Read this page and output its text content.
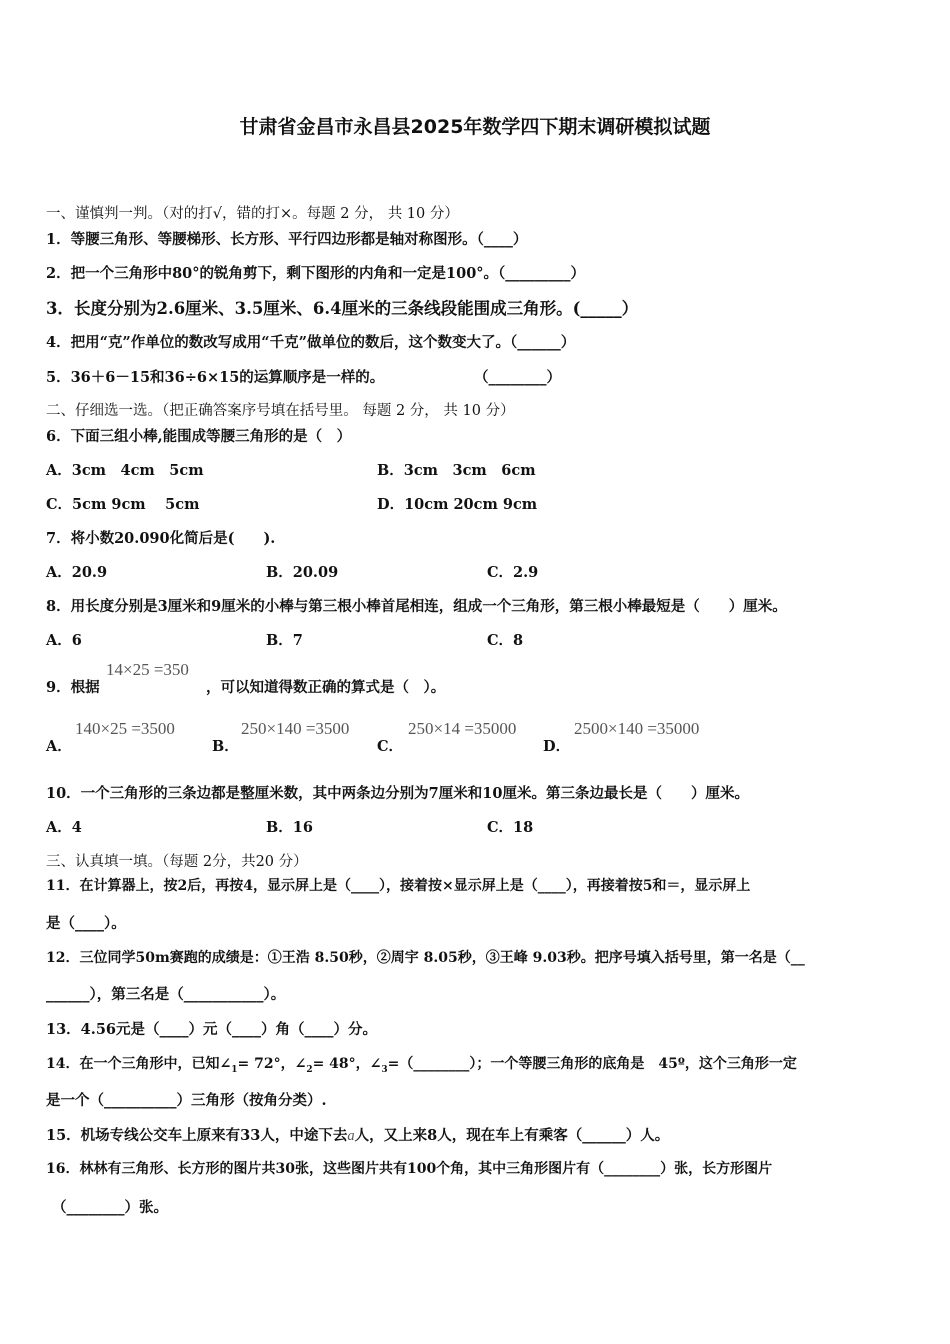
甘肃省金昌市永昌县2025年数学四下期末调研模拟试题
一、谨慎判一判。（对的打√，错的打×。每题 2 分， 共 10 分）
1．等腰三角形、等腰梯形、长方形、平行四边形都是轴对称图形。（____）
2．把一个三角形中80°的锐角剪下，剩下图形的内角和一定是100°。（_________）
3．长度分别为2.6厘米、3.5厘米、6.4厘米的三条线段能围成三角形。(_____）
4．把用“克”作单位的数改写成用“千克”做单位的数后，这个数变大了。（______）
5．36＋6－15和36÷6×15的运算顺序是一样的。	（________）
二、仔细选一选。（把正确答案序号填在括号里。 每题 2 分， 共 10 分）
6．下面三组小棒,能围成等腰三角形的是（　）
A．3cm　4cm　5cm	B．3cm　3cm　6cm
C．5cm 9cm　 5cm	D．10cm 20cm 9cm
7．将小数20.090化简后是(　　).
A．20.9	B．20.09	C．2.9
8．用长度分别是3厘米和9厘米的小棒与第三根小棒首尾相连，组成一个三角形，第三根小棒最短是（　　）厘米。
A．6	B．7	C．8
9．根据
14×25 =350
，可以知道得数正确的算式是（　）。
A．
140×25 =3500
B．
250×140 =3500
C．
250×14 =35000
D．
2500×140 =35000
10．一个三角形的三条边都是整厘米数，其中两条边分别为7厘米和10厘米。第三条边最长是（　　）厘米。
A．4	B．16	C．18
三、认真填一填。（每题 2分，共20 分）
11．在计算器上，按2后，再按4，显示屏上是（____），接着按×显示屏上是（____），再接着按5和＝，显示屏上
是（____）。
12．三位同学50m赛跑的成绩是：①王浩 8.50秒，②周宇 8.05秒，③王峰 9.03秒。把序号填入括号里，第一名是（__
______），第三名是（___________）。
13．4.56元是（____）元（____）角（____）分。
14．在一个三角形中，已知$\angle_1= 72^\circ$，$\angle_2= 48^\circ$，$\angle_3=(\_\_\_\_\_\_\_\_)$；一个等腰三角形的底角是　45º，这个三角形一定
是一个（__________）三角形（按角分类）.
15．机场专线公交车上原来有33人，中途下去a人，又上来8人，现在车上有乘客（______）人。
16．林林有三角形、长方形的图片共30张，这些图片共有100个角，其中三角形图片有（________）张，长方形图片
（________）张。
